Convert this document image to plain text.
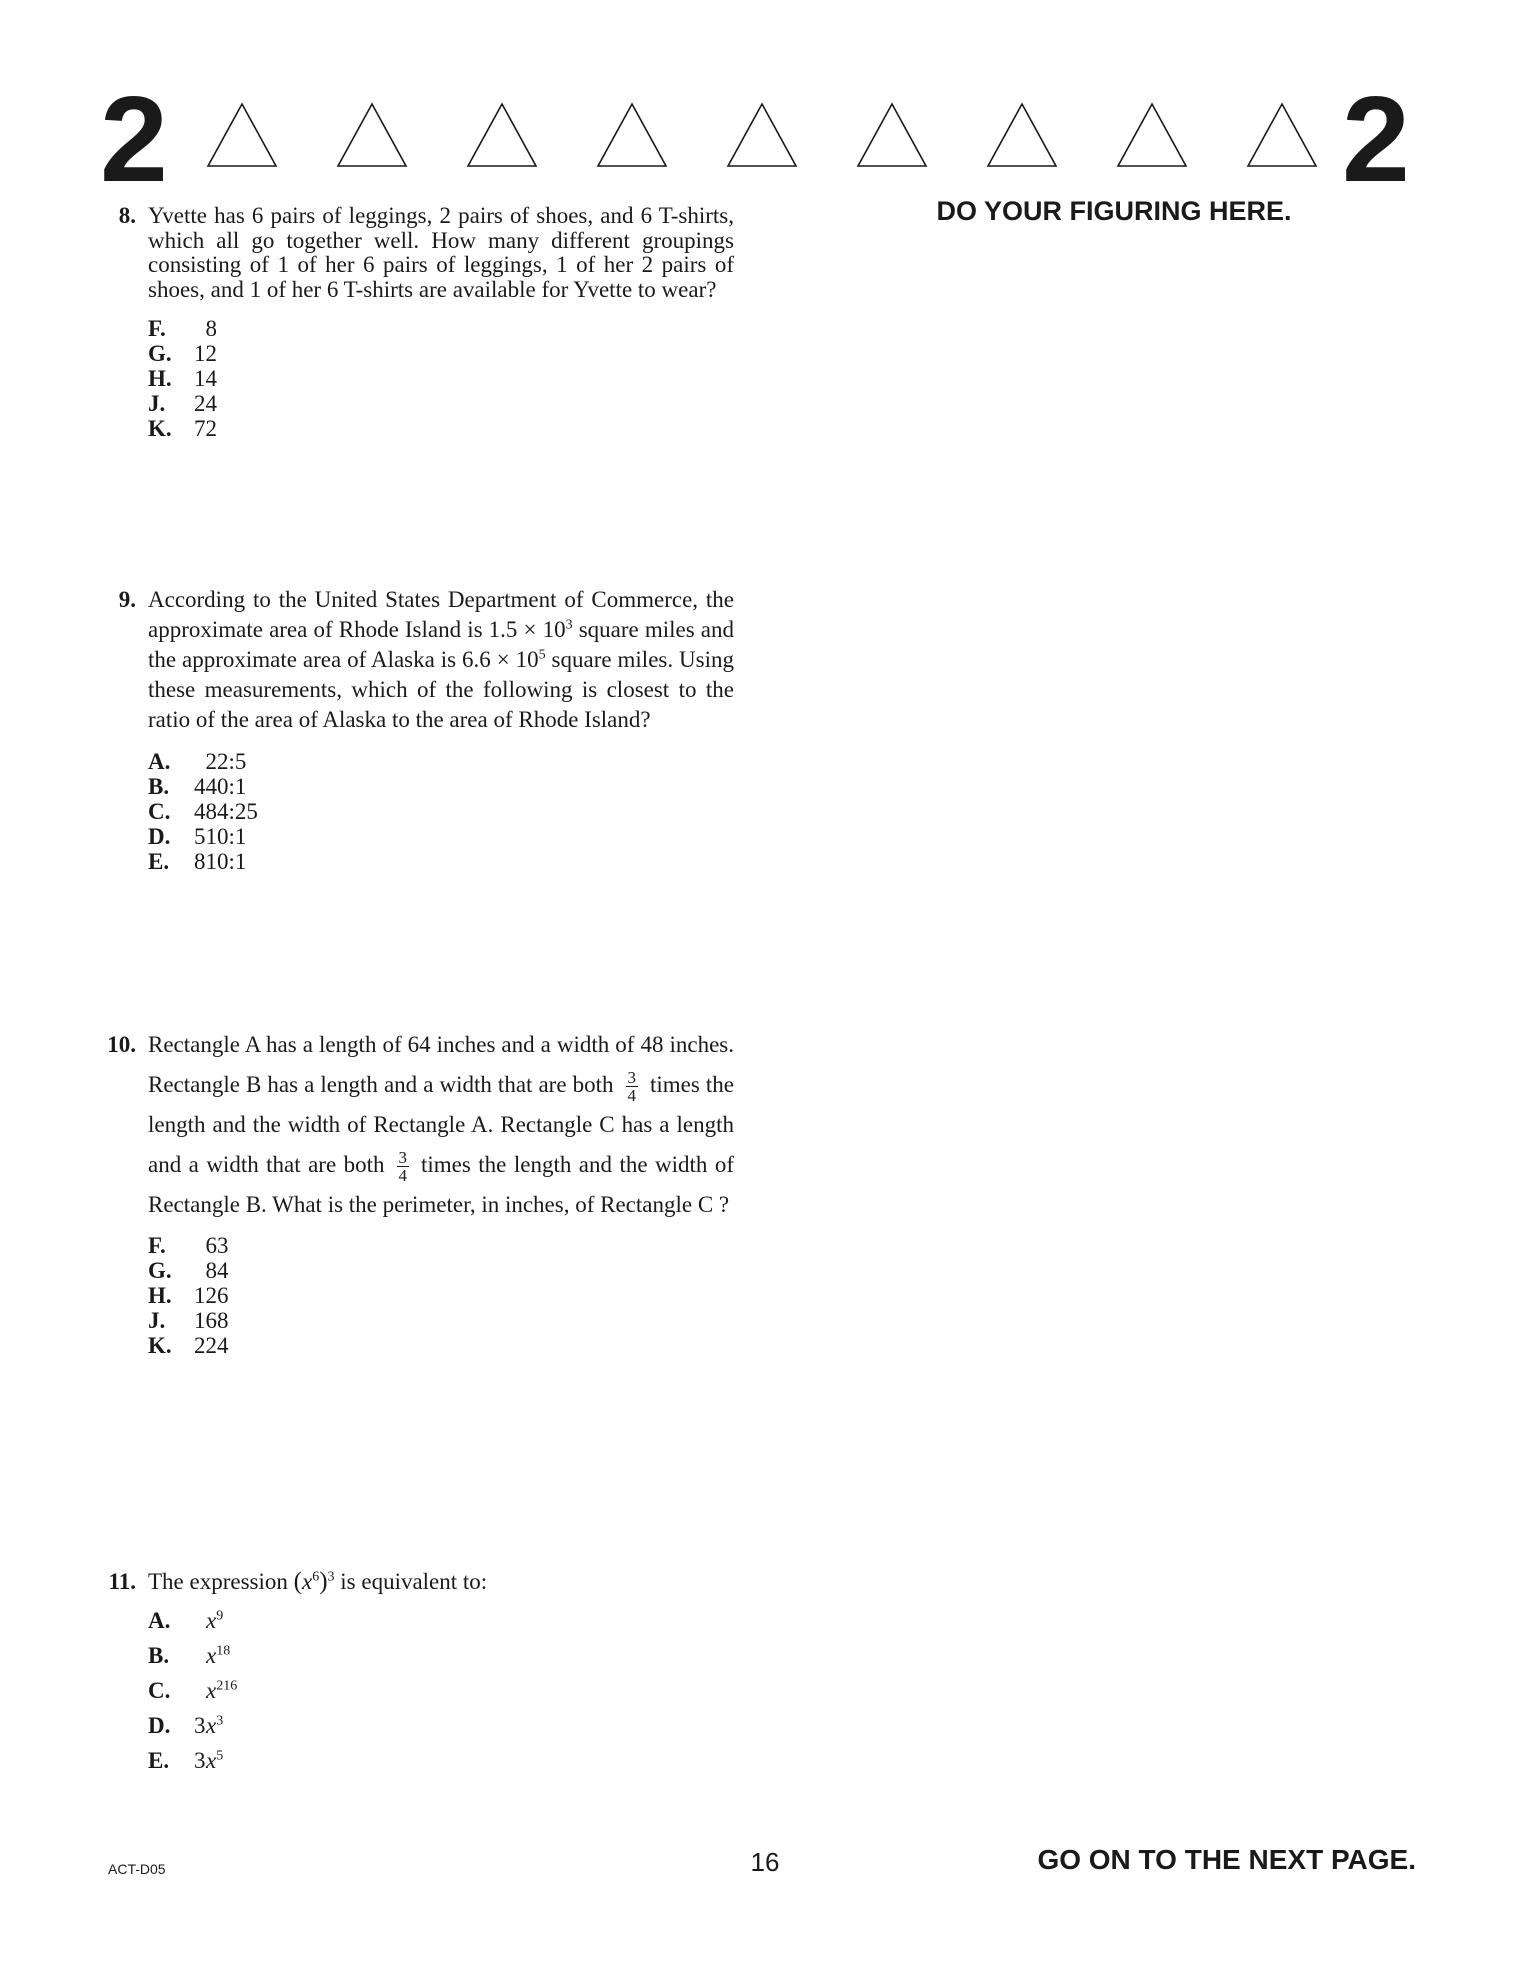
2	2
DO YOUR FIGURING HERE.
8. Yvette has 6 pairs of leggings, 2 pairs of shoes, and 6 T-shirts, which all go together well. How many different groupings consisting of 1 of her 6 pairs of leggings, 1 of her 2 pairs of shoes, and 1 of her 6 T-shirts are available for Yvette to wear?
F.	8
G. 12
H. 14
J.	24
K. 72
9. According to the United States Department of Commerce, the approximate area of Rhode Island is $1.5 \times 10^3$ square miles and the approximate area of Alaska is $6.6 \times 10^5$ square miles. Using these measurements, which of the following is closest to the ratio of the area of Alaska to the area of Rhode Island?
A.	22:5
B.	440:1
C.	484:25
D.	510:1
E.	810:1
10. Rectangle A has a length of 64 inches and a width of 48 inches. Rectangle B has a length and a width that are both $\frac{3}{4}$ times the length and the width of Rectangle A. Rectangle C has a length and a width that are both $\frac{3}{4}$ times the length and the width of Rectangle B. What is the perimeter, in inches, of Rectangle C ?
F.	63
G. 84
H. 126
J.	168
K. 224
11. The expression $(x^6)^3$ is equivalent to:
A.	$x^9$
B.	$x^{18}$
C.	$x^{216}$
D.	$3x^3$
E.	$3x^5$
ACT-D05	16	GO ON TO THE NEXT PAGE.
